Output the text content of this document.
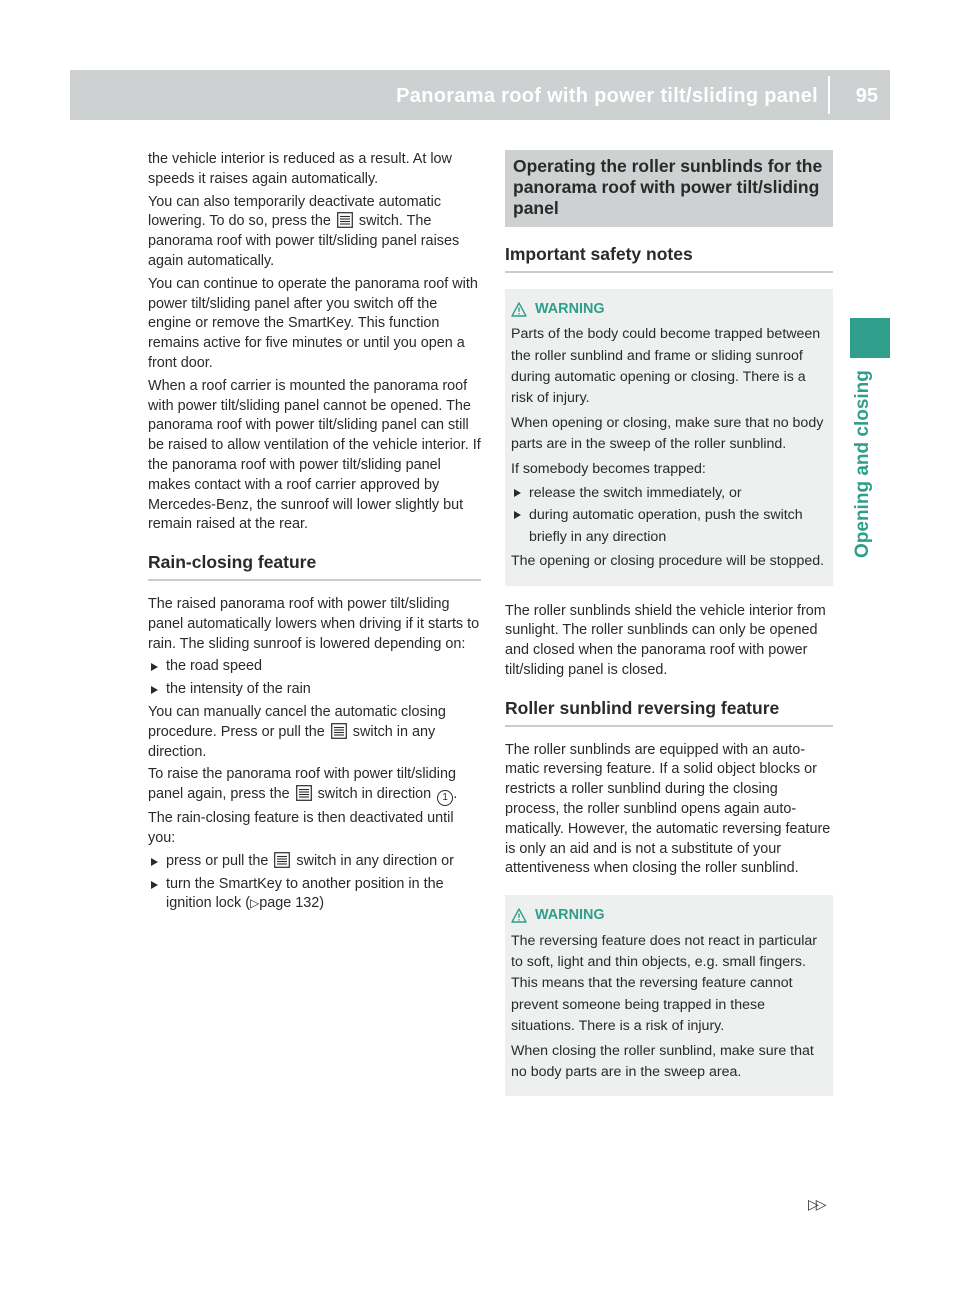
Panorama roof with power tilt/sliding panel 95
Opening and closing

the vehicle interior is reduced as a result. At low speeds it raises again automatically.

You can also temporarily deactivate automatic lowering. To do so, press the switch. The panorama roof with power tilt/sliding panel raises again automatically.

You can continue to operate the panorama roof with power tilt/sliding panel after you switch off the engine or remove the SmartKey. This function remains active for five minutes or until you open a front door.

When a roof carrier is mounted the panorama roof with power tilt/sliding panel cannot be opened. The panorama roof with power tilt/sliding panel can still be raised to allow ventilation of the vehicle interior. If the panorama roof with power tilt/sliding panel makes contact with a roof carrier approved by Mercedes-Benz, the sunroof will lower slightly but remain raised at the rear.

Rain-closing feature

The raised panorama roof with power tilt/sliding panel automatically lowers when driving if it starts to rain. The sliding sunroof is lowered depending on:

the road speed
the intensity of the rain

You can manually cancel the automatic closing procedure. Press or pull the switch in any direction.

To raise the panorama roof with power tilt/sliding panel again, press the switch in direction 1 .

The rain-closing feature is then deactivated until you:

press or pull the switch in any direction or
turn the SmartKey to another position in the ignition lock (▷page 132)
Operating the roller sunblinds for the panorama roof with power tilt/sliding panel
Important safety notes
WARNING

Parts of the body could become trapped between the roller sunblind and frame or sliding sunroof during automatic opening or closing. There is a risk of injury.

When opening or closing, make sure that no body parts are in the sweep of the roller sunblind.

If somebody becomes trapped:

release the switch immediately, or
during automatic operation, push the switch briefly in any direction

The opening or closing procedure will be stopped.

The roller sunblinds shield the vehicle interior from sunlight. The roller sunblinds can only be opened and closed when the panorama roof with power tilt/sliding panel is closed.

Roller sunblind reversing feature

The roller sunblinds are equipped with an automatic reversing feature. If a solid object blocks or restricts a roller sunblind during the closing process, the roller sunblind opens again automatically. However, the automatic reversing feature is only an aid and is not a substitute of your attentiveness when closing the roller sunblind.

WARNING

The reversing feature does not react in particular to soft, light and thin objects, e.g. small fingers. This means that the reversing feature cannot prevent someone being trapped in these situations. There is a risk of injury.

When closing the roller sunblind, make sure that no body parts are in the sweep area.

▷▷
